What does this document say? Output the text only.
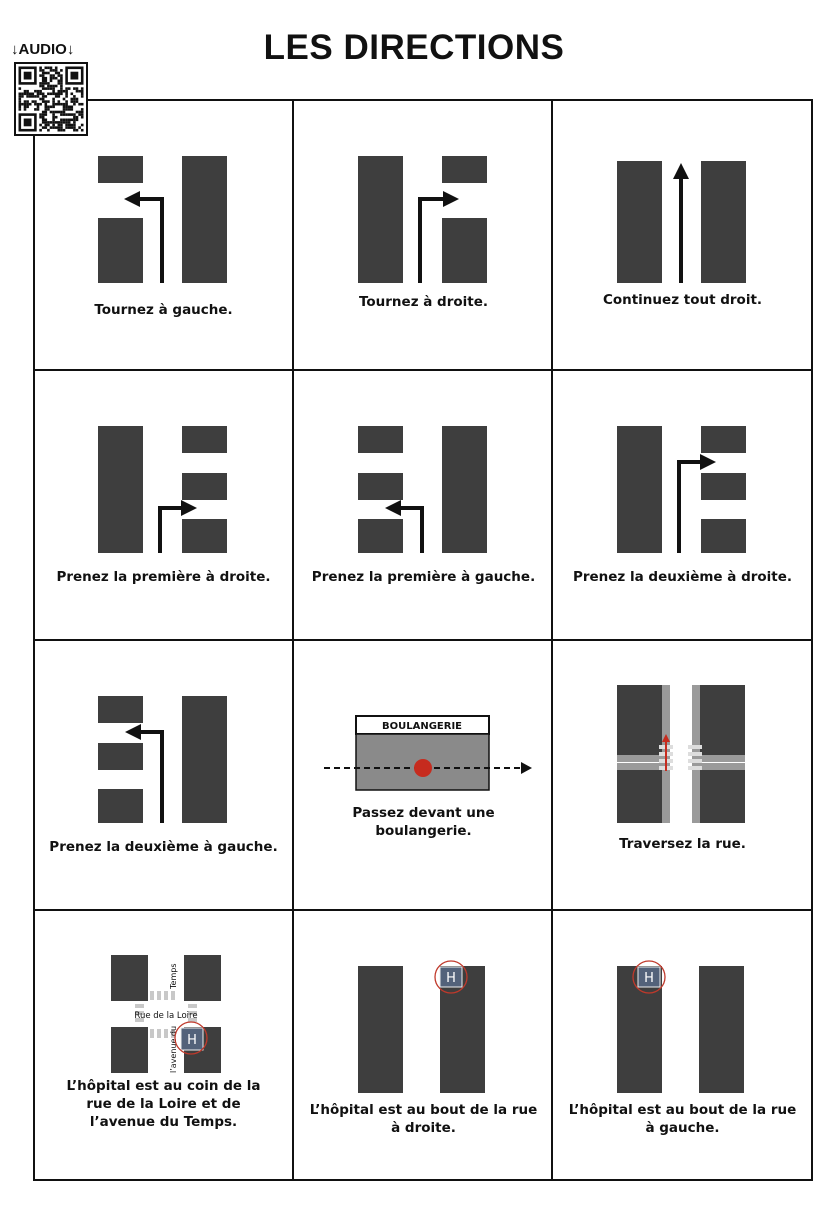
LES DIRECTIONS
↓AUDIO↓
Tournez à gauche.	Tournez à droite.	Continuez tout droit.
Prenez la première à droite.	Prenez la première à gauche.	Prenez la deuxième à droite.
Prenez la deuxième à gauche.
BOULANGERIE
Passez devant une
boulangerie.
Traversez la rue.
Rue de la Loire
Temps
l’avenue du H
L’hôpital est au coin de la
rue de la Loire et de
l’avenue du Temps.
H
L’hôpital est au bout de la rue
à droite.
H
L’hôpital est au bout de la rue
à gauche.
